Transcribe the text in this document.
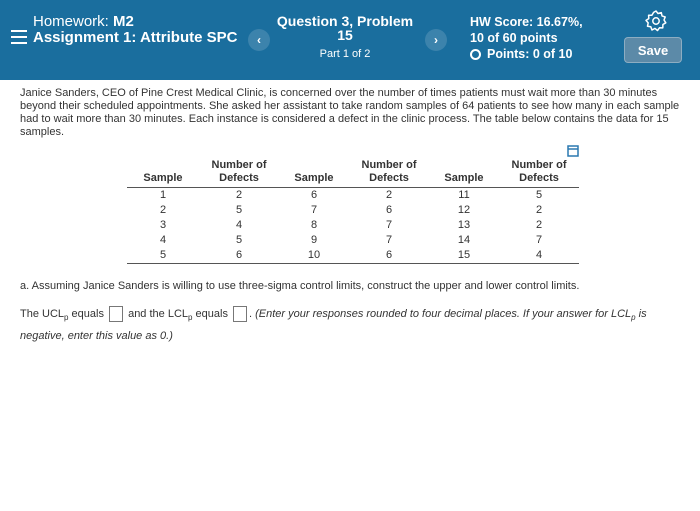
Homework: M2
Assignment 1: Attribute SPC	‹
Question 3, Problem 15
Part 1 of 2
›
HW Score: 16.67%,
10 of 60 points
Points: 0 of 10	Save
Janice Sanders, CEO of Pine Crest Medical Clinic, is concerned over the number of times patients must wait more than 30 minutes beyond their scheduled appointments. She asked her assistant to take random samples of 64 patients to see how many in each sample had to wait more than 30 minutes. Each instance is considered a defect in the clinic process. The table below contains the data for 15 samples.
Sample	Number of Defects	Sample	Number of Defects	Sample	Number of Defects
1	2	6	2	11	5
2	5	7	6	12	2
3	4	8	7	13	2
4	5	9	7	14	7
5	6	10	6	15	4
a. Assuming Janice Sanders is willing to use three-sigma control limits, construct the upper and lower control limits.
The $UCL_p$ equals  and the $LCL_p$ equals . (Enter your responses rounded to four decimal places. If your answer for $LCL_p$ is negative, enter this value as 0.)
